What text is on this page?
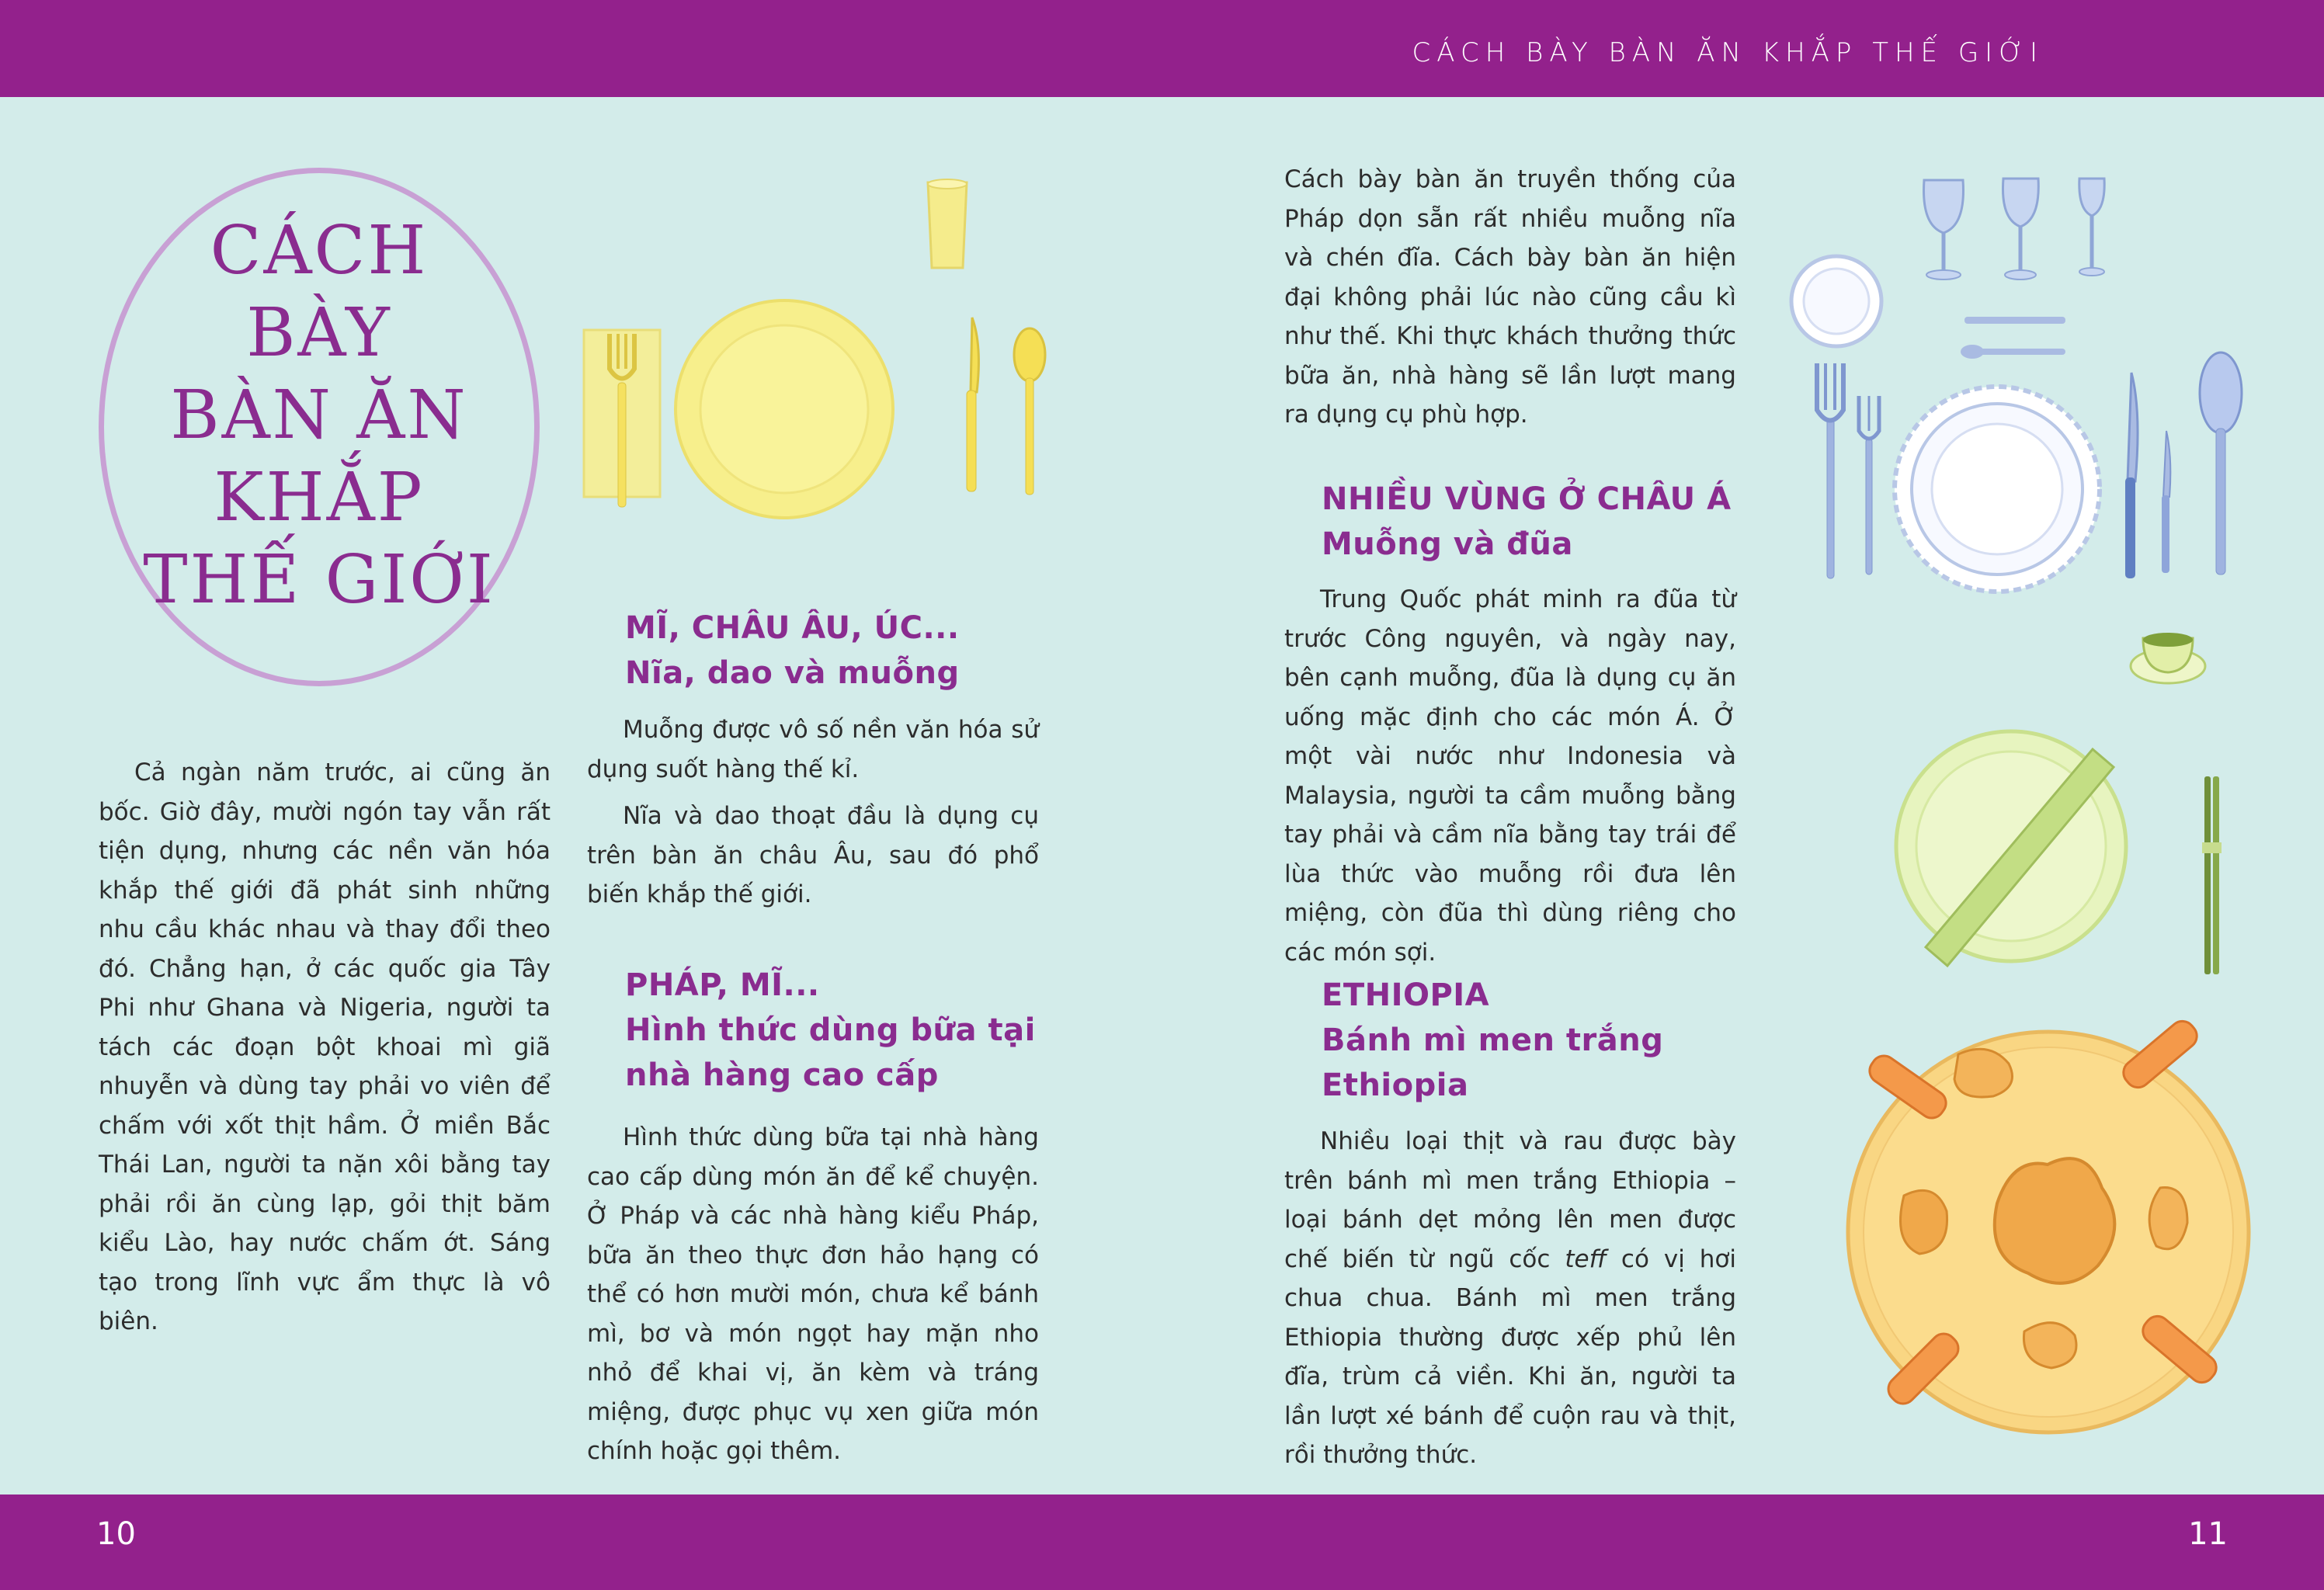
CÁCH BÀY BÀN ĂN KHẮP THẾ GIỚI
10	11
CÁCH
BÀY
BÀN ĂN
KHẮP
THẾ GIỚI

Cả ngàn năm trước, ai cũng ăn bốc. Giờ đây, mười ngón tay vẫn rất tiện dụng, nhưng các nền văn hóa khắp thế giới đã phát sinh những nhu cầu khác nhau và thay đổi theo đó. Chẳng hạn, ở các quốc gia Tây Phi như Ghana và Nigeria, người ta tách các đoạn bột khoai mì giã nhuyễn và dùng tay phải vo viên để chấm với xốt thịt hầm. Ở miền Bắc Thái Lan, người ta nặn xôi bằng tay phải rồi ăn cùng lạp, gỏi thịt băm kiểu Lào, hay nước chấm ớt. Sáng tạo trong lĩnh vực ẩm thực là vô biên.

MĨ, CHÂU ÂU, ÚC...
Nĩa, dao và muỗng

Muỗng được vô số nền văn hóa sử dụng suốt hàng thế kỉ.

Nĩa và dao thoạt đầu là dụng cụ trên bàn ăn châu Âu, sau đó phổ biến khắp thế giới.

PHÁP, MĨ...
Hình thức dùng bữa tại nhà hàng cao cấp

Hình thức dùng bữa tại nhà hàng cao cấp dùng món ăn để kể chuyện. Ở Pháp và các nhà hàng kiểu Pháp, bữa ăn theo thực đơn hảo hạng có thể có hơn mười món, chưa kể bánh mì, bơ và món ngọt hay mặn nho nhỏ để khai vị, ăn kèm và tráng miệng, được phục vụ xen giữa món chính hoặc gọi thêm.

Cách bày bàn ăn truyền thống của Pháp dọn sẵn rất nhiều muỗng nĩa và chén đĩa. Cách bày bàn ăn hiện đại không phải lúc nào cũng cầu kì như thế. Khi thực khách thưởng thức bữa ăn, nhà hàng sẽ lần lượt mang ra dụng cụ phù hợp.

NHIỀU VÙNG Ở CHÂU Á
Muỗng và đũa

Trung Quốc phát minh ra đũa từ trước Công nguyên, và ngày nay, bên cạnh muỗng, đũa là dụng cụ ăn uống mặc định cho các món Á. Ở một vài nước như Indonesia và Malaysia, người ta cầm muỗng bằng tay phải và cầm nĩa bằng tay trái để lùa thức vào muỗng rồi đưa lên miệng, còn đũa thì dùng riêng cho các món sợi.

ETHIOPIA
Bánh mì men trắng Ethiopia

Nhiều loại thịt và rau được bày trên bánh mì men trắng Ethiopia – loại bánh dẹt mỏng lên men được chế biến từ ngũ cốc teff có vị hơi chua chua. Bánh mì men trắng Ethiopia thường được xếp phủ lên đĩa, trùm cả viền. Khi ăn, người ta lần lượt xé bánh để cuộn rau và thịt, rồi thưởng thức.
